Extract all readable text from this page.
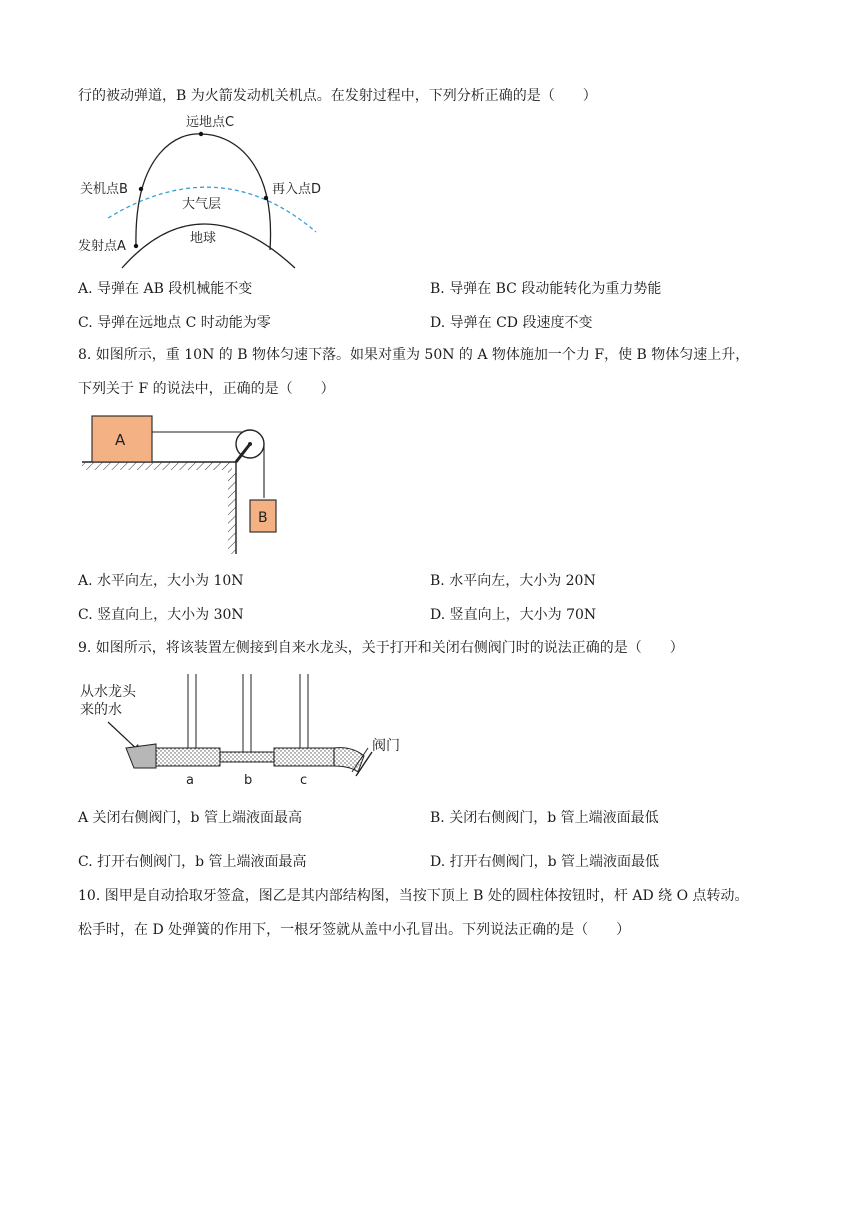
行的被动弹道，B 为火箭发动机关机点。在发射过程中，下列分析正确的是（　　）
远地点C
关机点B	再入点D
发射点A
大气层
地球
A. 导弹在 AB 段机械能不变	B. 导弹在 BC 段动能转化为重力势能
C. 导弹在远地点 C 时动能为零	D. 导弹在 CD 段速度不变
8. 如图所示，重 10N 的 B 物体匀速下落。如果对重为 50N 的 A 物体施加一个力 F，使 B 物体匀速上升，
下列关于 F 的说法中，正确的是（　　）
A
B
A. 水平向左，大小为 10N	B. 水平向左，大小为 20N
C. 竖直向上，大小为 30N	D. 竖直向上，大小为 70N
9. 如图所示，将该装置左侧接到自来水龙头，关于打开和关闭右侧阀门时的说法正确的是（　　）
从水龙头
来的水
阀门
a	b	c
A 关闭右侧阀门，b 管上端液面最高	B. 关闭右侧阀门，b 管上端液面最低
C. 打开右侧阀门，b 管上端液面最高	D. 打开右侧阀门，b 管上端液面最低
10. 图甲是自动拾取牙签盒，图乙是其内部结构图，当按下顶上 B 处的圆柱体按钮时，杆 AD 绕 O 点转动。
松手时，在 D 处弹簧的作用下，一根牙签就从盖中小孔冒出。下列说法正确的是（　　）
